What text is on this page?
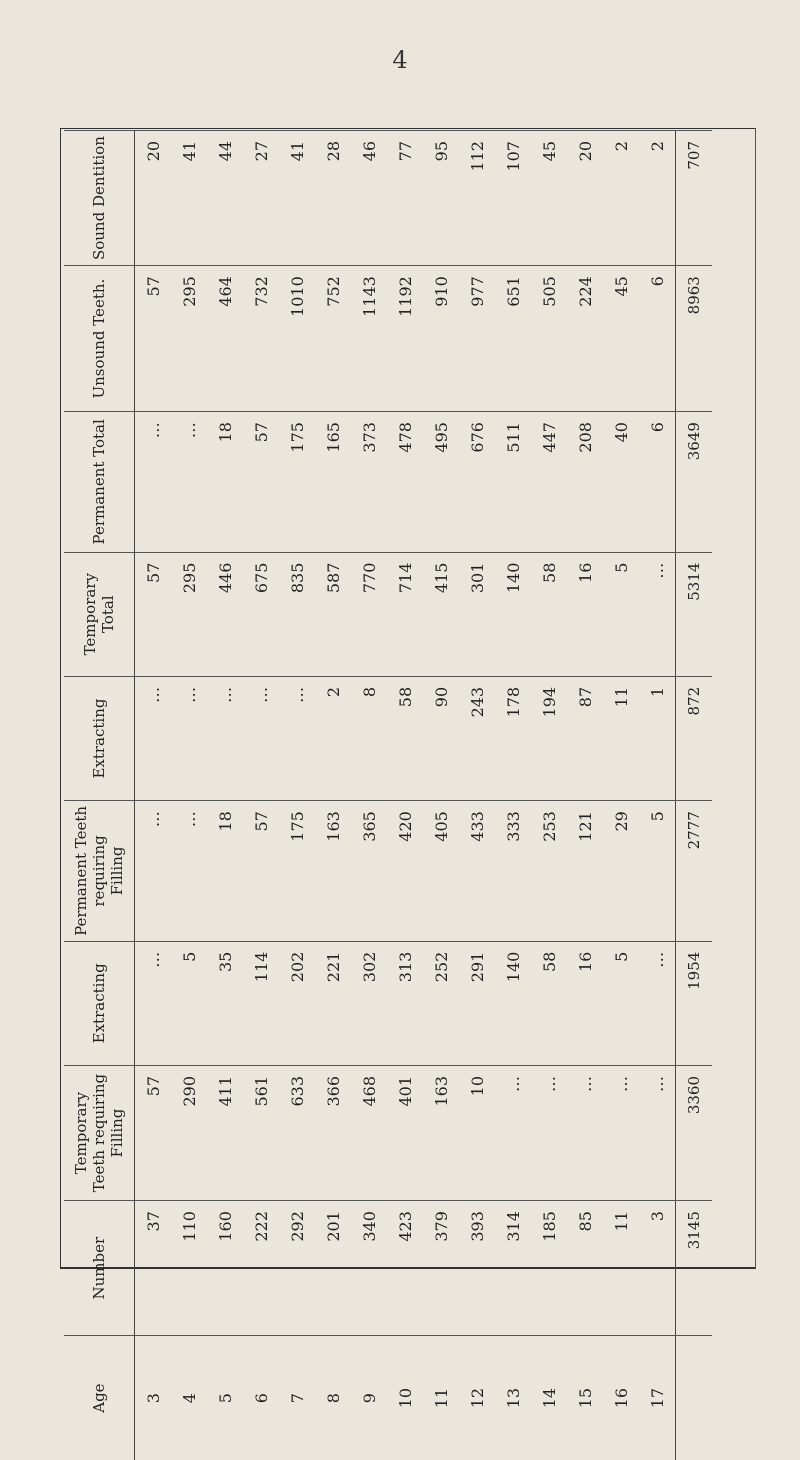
4
Age	Number	Temporary Teeth requiring
Filling	Extracting	Permanent Teeth requiring
Filling	Extracting	Temporary Total	Permanent Total	Unsound Teeth.	Sound Dentition
3	37	57	…	…	…	57	…	57	20
4	110	290	5	…	…	295	…	295	41
5	160	411	35	18	…	446	18	464	44
6	222	561	114	57	…	675	57	732	27
7	292	633	202	175	…	835	175	1010	41
8	201	366	221	163	2	587	165	752	28
9	340	468	302	365	8	770	373	1143	46
10	423	401	313	420	58	714	478	1192	77
11	379	163	252	405	90	415	495	910	95
12	393	10	291	433	243	301	676	977	112
13	314	…	140	333	178	140	511	651	107
14	185	…	58	253	194	58	447	505	45
15	85	…	16	121	87	16	208	224	20
16	11	…	5	29	11	5	40	45	2
17	3	…	…	5	1	…	6	6	2
	3145	3360	1954	2777	872	5314	3649	8963	707
